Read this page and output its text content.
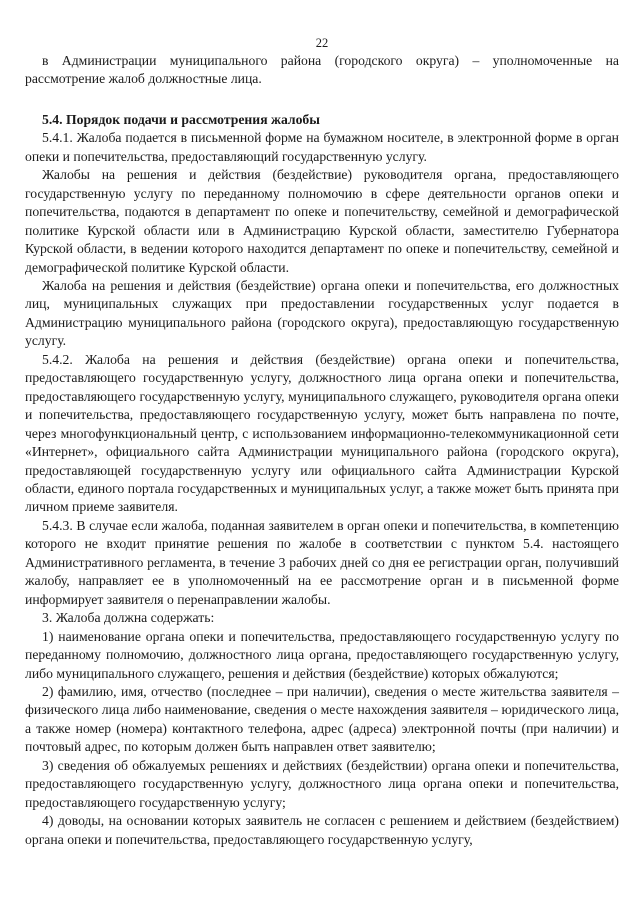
22

в Администрации муниципального района (городского округа) – уполномоченные на рассмотрение жалоб должностные лица.

5.4. Порядок подачи и рассмотрения жалобы

5.4.1. Жалоба подается в письменной форме на бумажном носителе, в электронной форме в орган опеки и попечительства, предоставляющий государственную услугу.

Жалобы на решения и действия (бездействие) руководителя органа, предоставляющего государственную услугу по переданному полномочию в сфере деятельности органов опеки и попечительства, подаются в департамент по опеке и попечительству, семейной и демографической политике Курской области или в Администрацию Курской области, заместителю Губернатора Курской области, в ведении которого находится департамент по опеке и попечительству, семейной и демографической политике Курской области.

Жалоба на решения и действия (бездействие) органа опеки и попечительства, его должностных лиц, муниципальных служащих при предоставлении государственных услуг подается в Администрацию муниципального района (городского округа), предоставляющую государственную услугу.

5.4.2. Жалоба на решения и действия (бездействие) органа опеки и попечительства, предоставляющего государственную услугу, должностного лица органа опеки и попечительства, предоставляющего государственную услугу, муниципального служащего, руководителя органа опеки и попечительства, предоставляющего государственную услугу, может быть направлена по почте, через многофункциональный центр, с использованием информационно-телекоммуникационной сети «Интернет», официального сайта Администрации муниципального района (городского округа), предоставляющей государственную услугу или официального сайта Администрации Курской области, единого портала государственных и муниципальных услуг, а также может быть принята при личном приеме заявителя.

5.4.3. В случае если жалоба, поданная заявителем в орган опеки и попечительства, в компетенцию которого не входит принятие решения по жалобе в соответствии с пунктом 5.4. настоящего Административного регламента, в течение 3 рабочих дней со дня ее регистрации орган, получивший жалобу, направляет ее в уполномоченный на ее рассмотрение орган и в письменной форме информирует заявителя о перенаправлении жалобы.

3. Жалоба должна содержать:

1) наименование органа опеки и попечительства, предоставляющего государственную услугу по переданному полномочию, должностного лица органа, предоставляющего государственную услугу, либо муниципального служащего, решения и действия (бездействие) которых обжалуются;

2) фамилию, имя, отчество (последнее – при наличии), сведения о месте жительства заявителя – физического лица либо наименование, сведения о месте нахождения заявителя – юридического лица, а также номер (номера) контактного телефона, адрес (адреса) электронной почты (при наличии) и почтовый адрес, по которым должен быть направлен ответ заявителю;

3) сведения об обжалуемых решениях и действиях (бездействии) органа опеки и попечительства, предоставляющего государственную услугу, должностного лица органа опеки и попечительства, предоставляющего государственную услугу;

4) доводы, на основании которых заявитель не согласен с решением и действием (бездействием) органа опеки и попечительства, предоставляющего государственную услугу,
